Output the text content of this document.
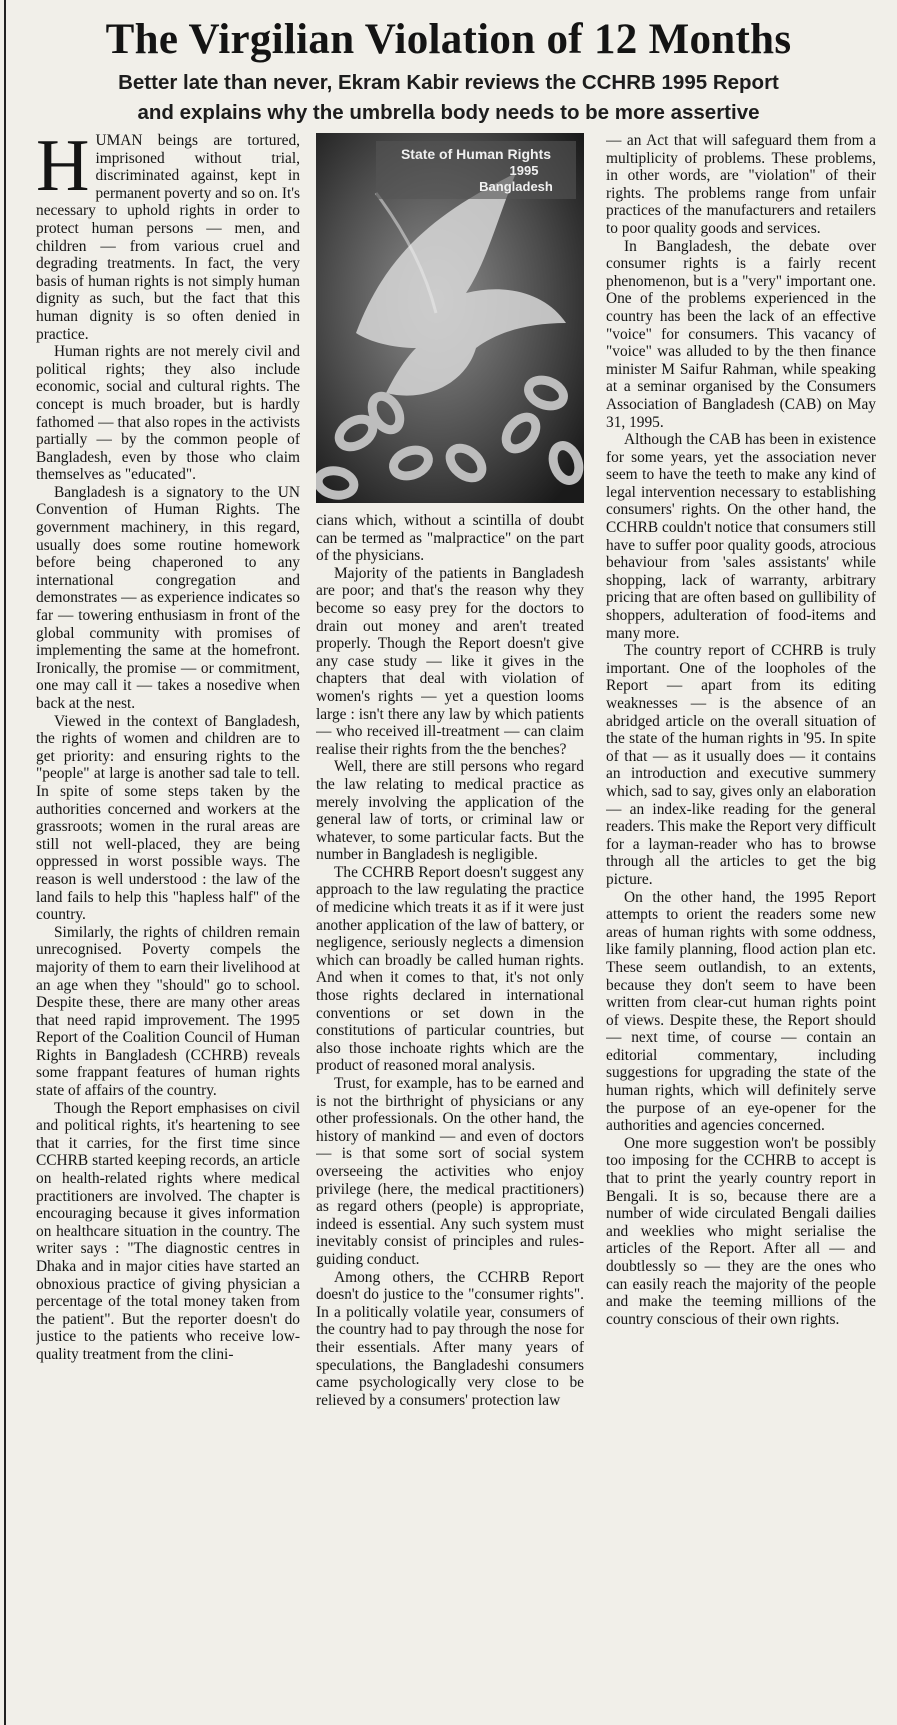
The Virgilian Violation of 12 Months
Better late than never, Ekram Kabir reviews the CCHRB 1995 Report
and explains why the umbrella body needs to be more assertive
State of Human Rights
1995
Bangladesh

HUMAN beings are tortured, imprisoned without trial, discriminated against, kept in permanent poverty and so on. It's necessary to uphold rights in order to protect human persons — men, and children — from various cruel and degrading treatments. In fact, the very basis of human rights is not simply human dignity as such, but the fact that this human dignity is so often denied in practice.

Human rights are not merely civil and political rights; they also include economic, social and cultural rights. The concept is much broader, but is hardly fathomed — that also ropes in the activists partially — by the common people of Bangladesh, even by those who claim themselves as "educated".

Bangladesh is a signatory to the UN Convention of Human Rights. The government machinery, in this regard, usually does some routine homework before being chaperoned to any international congregation and demonstrates — as experience indicates so far — towering enthusiasm in front of the global community with promises of implementing the same at the homefront. Ironically, the promise — or commitment, one may call it — takes a nosedive when back at the nest.

Viewed in the context of Bangladesh, the rights of women and children are to get priority: and ensuring rights to the "people" at large is another sad tale to tell. In spite of some steps taken by the authorities concerned and workers at the grassroots; women in the rural areas are still not well-placed, they are being oppressed in worst possible ways. The reason is well understood : the law of the land fails to help this "hapless half" of the country.

Similarly, the rights of children remain unrecognised. Poverty compels the majority of them to earn their livelihood at an age when they "should" go to school. Despite these, there are many other areas that need rapid improvement. The 1995 Report of the Coalition Council of Human Rights in Bangladesh (CCHRB) reveals some frappant features of human rights state of affairs of the country.

Though the Report emphasises on civil and political rights, it's heartening to see that it carries, for the first time since CCHRB started keeping records, an article on health-related rights where medical practitioners are involved. The chapter is encouraging because it gives information on healthcare situation in the country. The writer says : "The diagnostic centres in Dhaka and in major cities have started an obnoxious practice of giving physician a percentage of the total money taken from the patient". But the reporter doesn't do justice to the patients who receive low-quality treatment from the clini-

cians which, without a scintilla of doubt can be termed as "malpractice" on the part of the physicians.

Majority of the patients in Bangladesh are poor; and that's the reason why they become so easy prey for the doctors to drain out money and aren't treated properly. Though the Report doesn't give any case study — like it gives in the chapters that deal with violation of women's rights — yet a question looms large : isn't there any law by which patients — who received ill-treatment — can claim realise their rights from the the benches?

Well, there are still persons who regard the law relating to medical practice as merely involving the application of the general law of torts, or criminal law or whatever, to some particular facts. But the number in Bangladesh is negligible.

The CCHRB Report doesn't suggest any approach to the law regulating the practice of medicine which treats it as if it were just another application of the law of battery, or negligence, seriously neglects a dimension which can broadly be called human rights. And when it comes to that, it's not only those rights declared in international conventions or set down in the constitutions of particular countries, but also those inchoate rights which are the product of reasoned moral analysis.

Trust, for example, has to be earned and is not the birthright of physicians or any other professionals. On the other hand, the history of mankind — and even of doctors — is that some sort of social system overseeing the activities who enjoy privilege (here, the medical practitioners) as regard others (people) is appropriate, indeed is essential. Any such system must inevitably consist of principles and rules-guiding conduct.

Among others, the CCHRB Report doesn't do justice to the "consumer rights". In a politically volatile year, consumers of the country had to pay through the nose for their essentials. After many years of speculations, the Bangladeshi consumers came psychologically very close to be relieved by a consumers' protection law

— an Act that will safeguard them from a multiplicity of problems. These problems, in other words, are "violation" of their rights. The problems range from unfair practices of the manufacturers and retailers to poor quality goods and services.

In Bangladesh, the debate over consumer rights is a fairly recent phenomenon, but is a "very" important one. One of the problems experienced in the country has been the lack of an effective "voice" for consumers. This vacancy of "voice" was alluded to by the then finance minister M Saifur Rahman, while speaking at a seminar organised by the Consumers Association of Bangladesh (CAB) on May 31, 1995.

Although the CAB has been in existence for some years, yet the association never seem to have the teeth to make any kind of legal intervention necessary to establishing consumers' rights. On the other hand, the CCHRB couldn't notice that consumers still have to suffer poor quality goods, atrocious behaviour from 'sales assistants' while shopping, lack of warranty, arbitrary pricing that are often based on gullibility of shoppers, adulteration of food-items and many more.

The country report of CCHRB is truly important. One of the loopholes of the Report — apart from its editing weaknesses — is the absence of an abridged article on the overall situation of the state of the human rights in '95. In spite of that — as it usually does — it contains an introduction and executive summery which, sad to say, gives only an elaboration — an index-like reading for the general readers. This make the Report very difficult for a layman-reader who has to browse through all the articles to get the big picture.

On the other hand, the 1995 Report attempts to orient the readers some new areas of human rights with some oddness, like family planning, flood action plan etc. These seem outlandish, to an extents, because they don't seem to have been written from clear-cut human rights point of views. Despite these, the Report should — next time, of course — contain an editorial commentary, including suggestions for upgrading the state of the human rights, which will definitely serve the purpose of an eye-opener for the authorities and agencies concerned.

One more suggestion won't be possibly too imposing for the CCHRB to accept is that to print the yearly country report in Bengali. It is so, because there are a number of wide circulated Bengali dailies and weeklies who might serialise the articles of the Report. After all — and doubtlessly so — they are the ones who can easily reach the majority of the people and make the teeming millions of the country conscious of their own rights.
